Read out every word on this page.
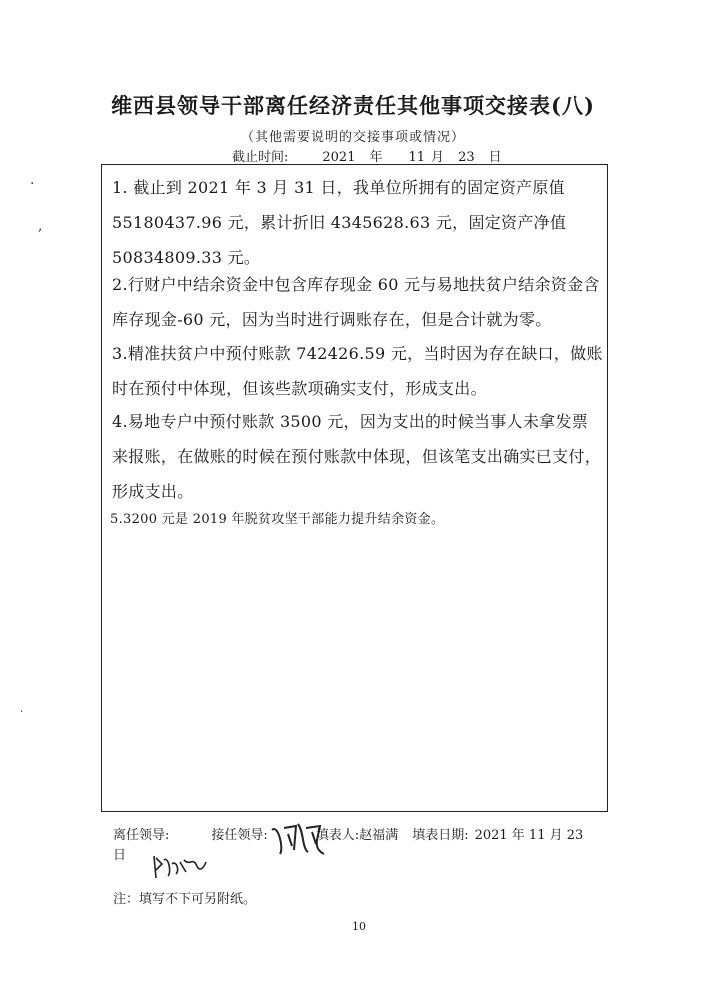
维西县领导干部离任经济责任其他事项交接表(八)
（其他需要说明的交接事项或情况）
截止时间:	2021 年 11 月 23 日
1. 截止到 2021 年 3 月 31 日，我单位所拥有的固定资产原值 55180437.96 元，累计折旧 4345628.63 元，固定资产净值 50834809.33 元。
2.行财户中结余资金中包含库存现金 60 元与易地扶贫户结余资金含库存现金-60 元，因为当时进行调账存在，但是合计就为零。
3.精准扶贫户中预付账款 742426.59 元，当时因为存在缺口，做账时在预付中体现，但该些款项确实支付，形成支出。
4.易地专户中预付账款 3500 元，因为支出的时候当事人未拿发票来报账，在做账的时候在预付账款中体现，但该笔支出确实已支付，形成支出。
5.3200 元是 2019 年脱贫攻坚干部能力提升结余资金。
离任领导:	接任领导:	填表人:赵福满 填表日期: 2021 年 11 月 23
日
注：填写不下可另附纸。
10
·
,
·
